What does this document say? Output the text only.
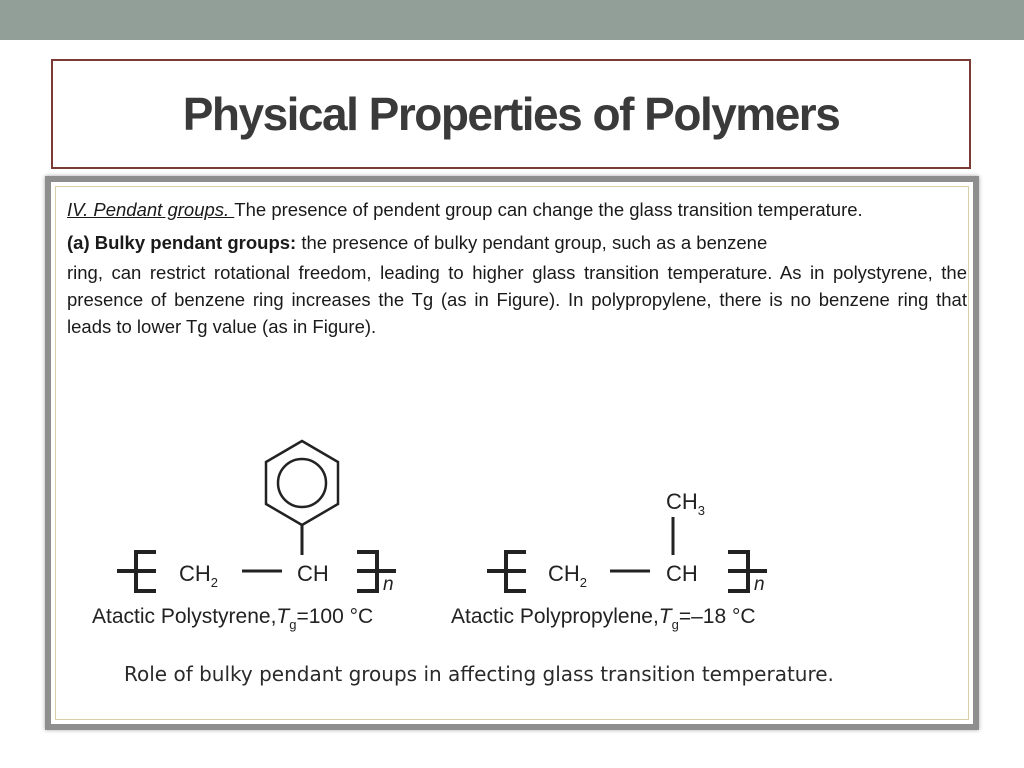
Physical Properties of Polymers

IV. Pendant groups. The presence of pendent group can change the glass transition temperature.

(a) Bulky pendant groups: the presence of bulky pendant group, such as a benzene

ring, can restrict rotational freedom, leading to higher glass transition temperature. As in polystyrene, the presence of benzene ring increases the Tg (as in Figure). In polypropylene, there is no benzene ring that leads to lower Tg value (as in Figure).

$CH_2$	CH	n
Atactic $Polystyrene,T_g=100$ °C
$CH_3$
$CH_2$	CH	n
Atactic $Polypropylene,T_g=-18$ °C
Role of bulky pendant groups in affecting glass transition temperature.
